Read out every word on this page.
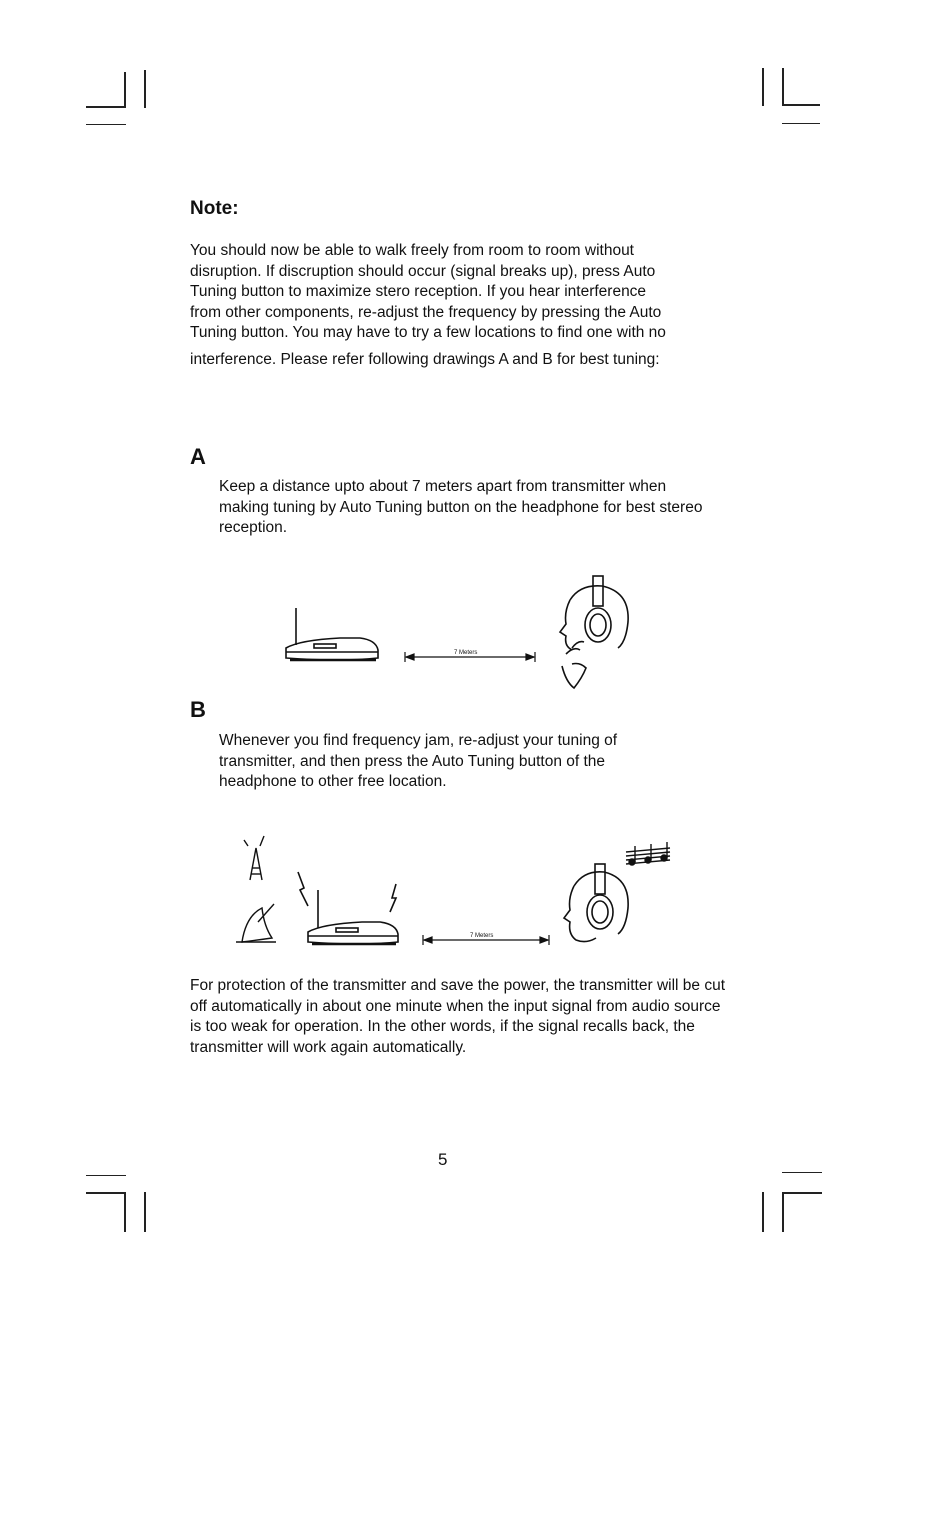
Note:
You should now be able to walk freely from room to room without
disruption. If discruption should occur (signal breaks up), press Auto
Tuning button to maximize stero reception. If you hear interference
from other components, re-adjust the frequency by pressing the Auto
Tuning button. You may have to try a few locations to find one with no
interference. Please refer following drawings A and B for best tuning:
A
Keep a distance upto about 7 meters apart from transmitter when making tuning by Auto Tuning button on the headphone for best stereo reception.
7 Meters
B
Whenever you find frequency jam, re-adjust your tuning of transmitter, and then press the Auto Tuning button of the headphone to other free location.
7 Meters
For protection of the transmitter and save the power, the transmitter will be cut off automatically in about one minute when the input signal from audio source is too weak for operation. In the other words, if the signal recalls back, the transmitter will work again automatically.
5
